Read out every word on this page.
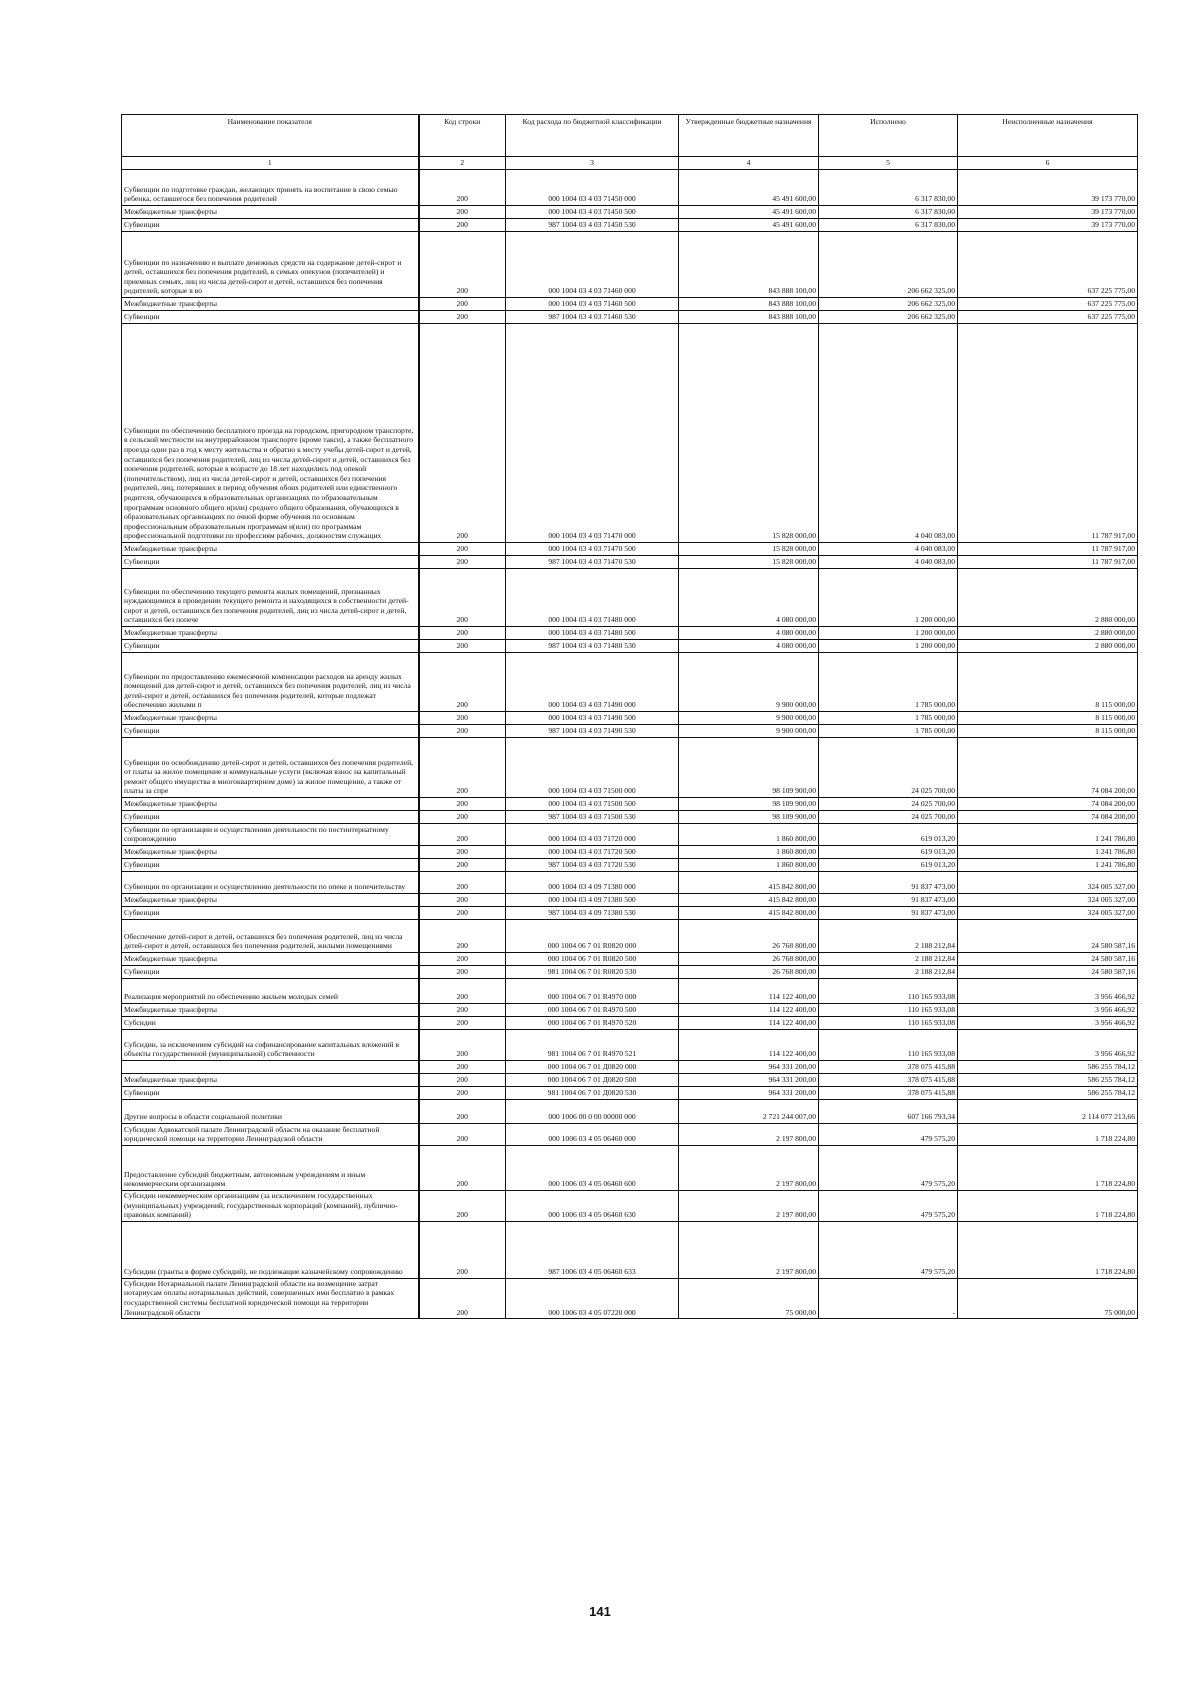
Наименование показателя	Код строки	Код расхода по бюджетной классификации	Утвержденные бюджетные назначения	Исполнено	Неисполненные назначения
1	2	3	4	5	6
Субвенции по подготовке граждан, желающих принять на воспитание в свою семью ребенка, оставшегося без попечения родителей	200	000 1004 03 4 03 71450 000	45 491 600,00	6 317 830,00	39 173 770,00
Межбюджетные трансферты	200	000 1004 03 4 03 71450 500	45 491 600,00	6 317 830,00	39 173 770,00
Субвенции	200	987 1004 03 4 03 71450 530	45 491 600,00	6 317 830,00	39 173 770,00
Субвенции по назначению и выплате денежных средств на содержание детей-сирот и детей, оставшихся без попечения родителей, в семьях опекунов (попечителей) и приемных семьях, лиц из числа детей-сирот и детей, оставшихся без попечения родителей, которые в во	200	000 1004 03 4 03 71460 000	843 888 100,00	206 662 325,00	637 225 775,00
Межбюджетные трансферты	200	000 1004 03 4 03 71460 500	843 888 100,00	206 662 325,00	637 225 775,00
Субвенции	200	987 1004 03 4 03 71460 530	843 888 100,00	206 662 325,00	637 225 775,00
Субвенции по обеспечению бесплатного проезда на городском, пригородном транспорте, в сельской местности на внутрирайонном транспорте (кроме такси), а также бесплатного проезда один раз в год к месту жительства и обратно к месту учебы детей-сирот и детей, оставшихся без попечения родителей, лиц из числа детей-сирот и детей, оставшихся без попечения родителей, которые в возрасте до 18 лет находились под опекой (попечительством), лиц из числа детей-сирот и детей, оставшихся без попечения родителей, лиц, потерявших в период обучения обоих родителей или единственного родителя, обучающихся в образовательных организациях по образовательным программам основного общего и(или) среднего общего образования, обучающихся в образовательных организациях по очной форме обучения по основным профессиональным образовательным программам и(или) по программам профессиональной подготовки по профессиям рабочих, должностям служащих	200	000 1004 03 4 03 71470 000	15 828 000,00	4 040 083,00	11 787 917,00
Межбюджетные трансферты	200	000 1004 03 4 03 71470 500	15 828 000,00	4 040 083,00	11 787 917,00
Субвенции	200	987 1004 03 4 03 71470 530	15 828 000,00	4 040 083,00	11 787 917,00
Субвенции по обеспечению текущего ремонта жилых помещений, признанных нуждающимися в проведении текущего ремонта и находящихся в собственности детей-сирот и детей, оставшихся без попечения родителей, лиц из числа детей-сирот и детей, оставшихся без попече	200	000 1004 03 4 03 71480 000	4 080 000,00	1 200 000,00	2 880 000,00
Межбюджетные трансферты	200	000 1004 03 4 03 71480 500	4 080 000,00	1 200 000,00	2 880 000,00
Субвенции	200	987 1004 03 4 03 71480 530	4 080 000,00	1 200 000,00	2 880 000,00
Субвенции по предоставлению ежемесячной компенсации расходов на аренду жилых помещений для детей-сирот и детей, оставшихся без попечения родителей, лиц из числа детей-сирот и детей, оставшихся без попечения родителей, которые подлежат обеспечению жилыми п	200	000 1004 03 4 03 71490 000	9 900 000,00	1 785 000,00	8 115 000,00
Межбюджетные трансферты	200	000 1004 03 4 03 71490 500	9 900 000,00	1 785 000,00	8 115 000,00
Субвенции	200	987 1004 03 4 03 71490 530	9 900 000,00	1 785 000,00	8 115 000,00
Субвенции по освобождению детей-сирот и детей, оставшихся без попечения родителей, от платы за жилое помещение и коммунальные услуги (включая взнос на капитальный ремонт общего имущества в многоквартирном доме) за жилое помещение, а также от платы за спре	200	000 1004 03 4 03 71500 000	98 109 900,00	24 025 700,00	74 084 200,00
Межбюджетные трансферты	200	000 1004 03 4 03 71500 500	98 109 900,00	24 025 700,00	74 084 200,00
Субвенции	200	987 1004 03 4 03 71500 530	98 109 900,00	24 025 700,00	74 084 200,00
Субвенции по организации и осуществлению деятельности по постинтернатному сопровождению	200	000 1004 03 4 03 71720 000	1 860 800,00	619 013,20	1 241 786,80
Межбюджетные трансферты	200	000 1004 03 4 03 71720 500	1 860 800,00	619 013,20	1 241 786,80
Субвенции	200	987 1004 03 4 03 71720 530	1 860 800,00	619 013,20	1 241 786,80
Субвенции по организации и осуществлению деятельности по опеке и попечительству	200	000 1004 03 4 09 71380 000	415 842 800,00	91 837 473,00	324 005 327,00
Межбюджетные трансферты	200	000 1004 03 4 09 71380 500	415 842 800,00	91 837 473,00	324 005 327,00
Субвенции	200	987 1004 03 4 09 71380 530	415 842 800,00	91 837 473,00	324 005 327,00
Обеспечение детей-сирот и детей, оставшихся без попечения родителей, лиц из числа детей-сирот и детей, оставшихся без попечения родителей, жилыми помещениями	200	000 1004 06 7 01 R0820 000	26 768 800,00	2 188 212,84	24 580 587,16
Межбюджетные трансферты	200	000 1004 06 7 01 R0820 500	26 768 800,00	2 188 212,84	24 580 587,16
Субвенции	200	981 1004 06 7 01 R0820 530	26 768 800,00	2 188 212,84	24 580 587,16
Реализация мероприятий по обеспечению жильем молодых семей	200	000 1004 06 7 01 R4970 000	114 122 400,00	110 165 933,08	3 956 466,92
Межбюджетные трансферты	200	000 1004 06 7 01 R4970 500	114 122 400,00	110 165 933,08	3 956 466,92
Субсидии	200	000 1004 06 7 01 R4970 520	114 122 400,00	110 165 933,08	3 956 466,92
Субсидии, за исключением субсидий на софинансирование капитальных вложений в объекты государственной (муниципальной) собственности	200	981 1004 06 7 01 R4970 521	114 122 400,00	110 165 933,08	3 956 466,92
	200	000 1004 06 7 01 Д0820 000	964 331 200,00	378 075 415,88	586 255 784,12
Межбюджетные трансферты	200	000 1004 06 7 01 Д0820 500	964 331 200,00	378 075 415,88	586 255 784,12
Субвенции	200	981 1004 06 7 01 Д0820 530	964 331 200,00	378 075 415,88	586 255 784,12
Другие вопросы в области социальной политики	200	000 1006 00 0 00 00000 000	2 721 244 007,00	607 166 793,34	2 114 077 213,66
Субсидии Адвокатской палате Ленинградской области на оказание бесплатной юридической помощи на территории Ленинградской области	200	000 1006 03 4 05 06460 000	2 197 800,00	479 575,20	1 718 224,80
Предоставление субсидий бюджетным, автономным учреждениям и иным некоммерческим организациям	200	000 1006 03 4 05 06460 600	2 197 800,00	479 575,20	1 718 224,80
Субсидии некоммерческим организациям (за исключением государственных (муниципальных) учреждений, государственных корпораций (компаний), публично-правовых компаний)	200	000 1006 03 4 05 06460 630	2 197 800,00	479 575,20	1 718 224,80
Субсидии (гранты в форме субсидий), не подлежащие казначейскому сопровождению	200	987 1006 03 4 05 06460 633	2 197 800,00	479 575,20	1 718 224,80
Субсидии Нотариальной палате Ленинградской области на возмещение затрат нотариусам оплаты нотариальных действий, совершенных ими бесплатно в рамках государственной системы бесплатной юридической помощи на территории Ленинградской области	200	000 1006 03 4 05 07220 000	75 000,00	-	75 000,00
141
